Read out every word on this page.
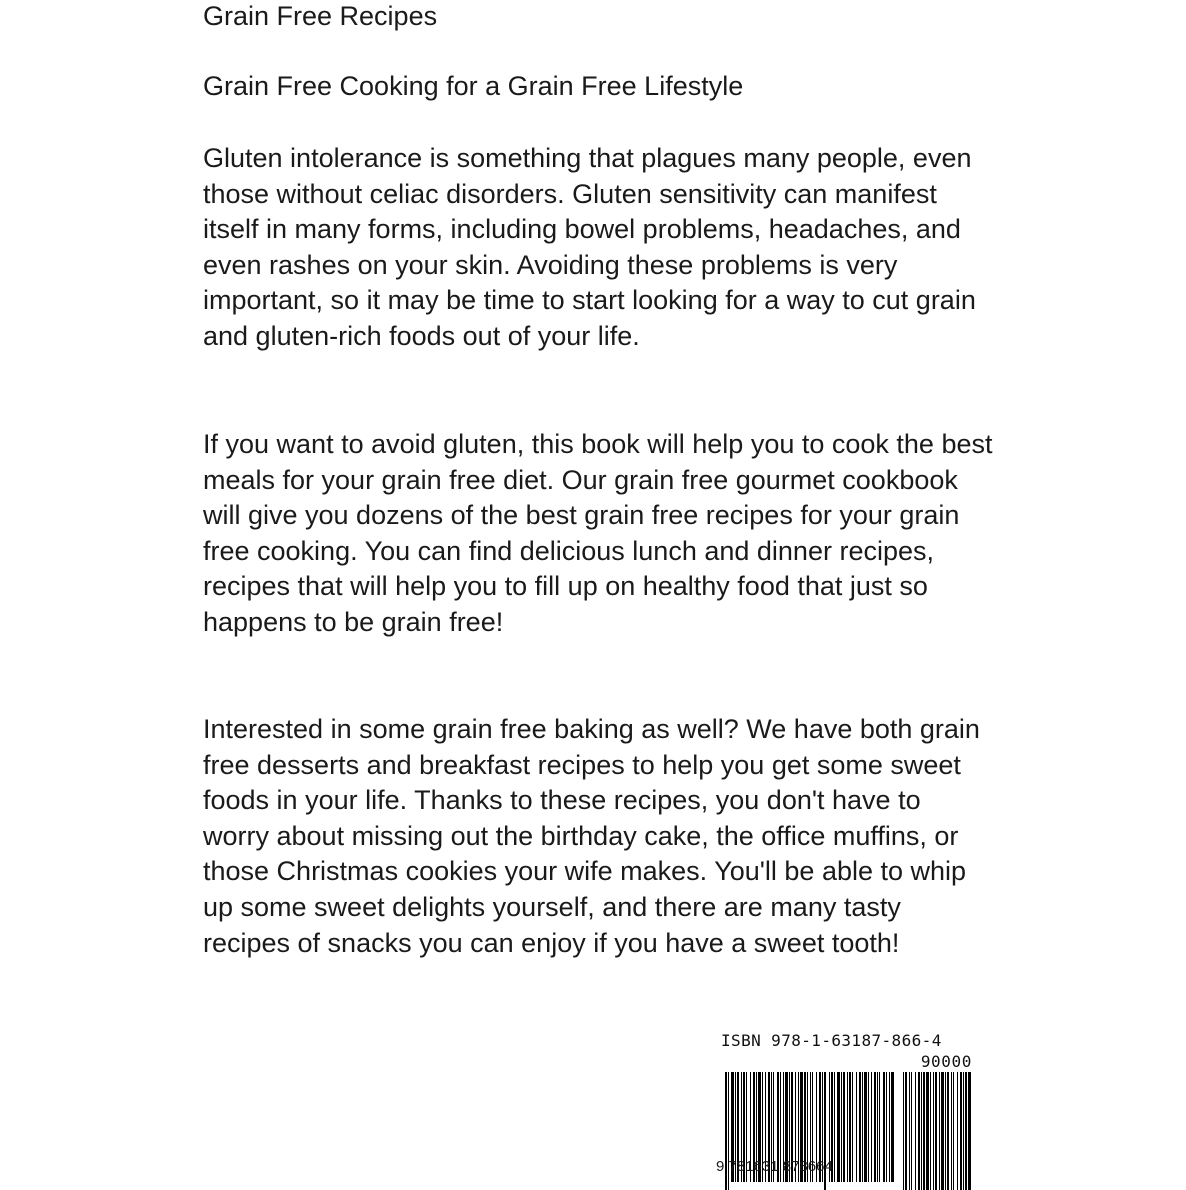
Grain Free Recipes
Grain Free Cooking for a Grain Free Lifestyle

Gluten intolerance is something that plagues many people, even those without celiac disorders. Gluten sensitivity can manifest itself in many forms, including bowel problems, headaches, and even rashes on your skin. Avoiding these problems is very important, so it may be time to start looking for a way to cut grain and gluten-rich foods out of your life.

If you want to avoid gluten, this book will help you to cook the best meals for your grain free diet. Our grain free gourmet cookbook will give you dozens of the best grain free recipes for your grain free cooking. You can find delicious lunch and dinner recipes, recipes that will help you to fill up on healthy food that just so happens to be grain free!

Interested in some grain free baking as well? We have both grain free desserts and breakfast recipes to help you get some sweet foods in your life. Thanks to these recipes, you don't have to worry about missing out the birthday cake, the office muffins, or those Christmas cookies your wife makes. You'll be able to whip up some sweet delights yourself, and there are many tasty recipes of snacks you can enjoy if you have a sweet tooth!

ISBN 978-1-63187-866-4
90000
9 781631 878664
